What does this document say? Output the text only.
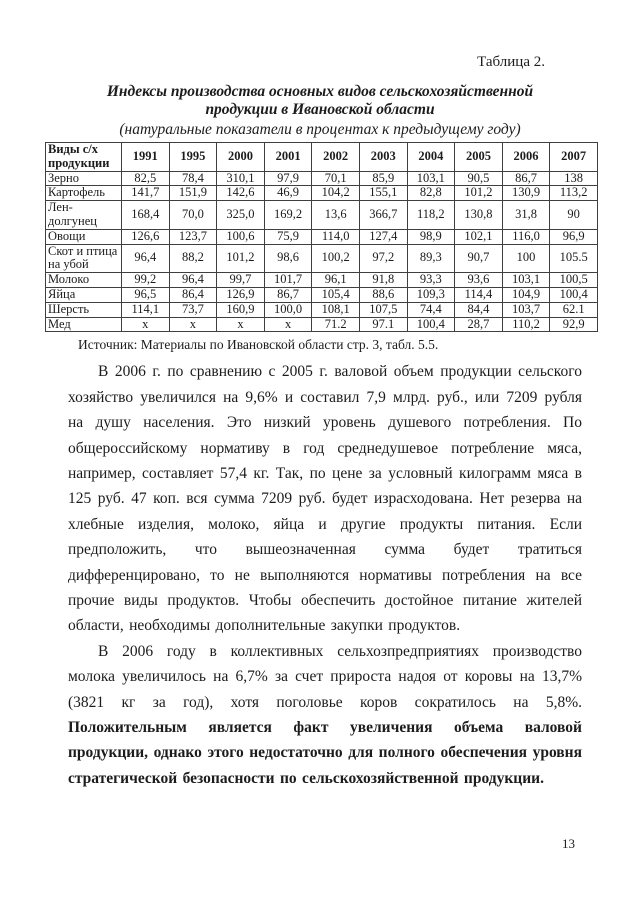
Таблица 2.
Индексы производства основных видов сельскохозяйственной
продукции в Ивановской области
(натуральные показатели в процентах к предыдущему году)
Виды с/х продукции	1991	1995	2000	2001	2002	2003	2004	2005	2006	2007
Зерно	82,5	78,4	310,1	97,9	70,1	85,9	103,1	90,5	86,7	138
Картофель	141,7	151,9	142,6	46,9	104,2	155,1	82,8	101,2	130,9	113,2
Лен-долгунец	168,4	70,0	325,0	169,2	13,6	366,7	118,2	130,8	31,8	90
Овощи	126,6	123,7	100,6	75,9	114,0	127,4	98,9	102,1	116,0	96,9
Скот и птица на убой	96,4	88,2	101,2	98,6	100,2	97,2	89,3	90,7	100	105.5
Молоко	99,2	96,4	99,7	101,7	96,1	91,8	93,3	93,6	103,1	100,5
Яйца	96,5	86,4	126,9	86,7	105,4	88,6	109,3	114,4	104,9	100,4
Шерсть	114,1	73,7	160,9	100,0	108,1	107,5	74,4	84,4	103,7	62.1
Мед	х	х	х	х	71.2	97.1	100,4	28,7	110,2	92,9
Источник: Материалы по Ивановской области стр. 3, табл. 5.5.

В 2006 г. по сравнению с 2005 г. валовой объем продукции сельского хозяйство увеличился на 9,6% и составил 7,9 млрд. руб., или 7209 рубля на душу населения. Это низкий уровень душевого потребления. По общероссийскому нормативу в год среднедушевое потребление мяса, например, составляет 57,4 кг. Так, по цене за условный килограмм мяса в 125 руб. 47 коп. вся сумма 7209 руб. будет израсходована. Нет резерва на хлебные изделия, молоко, яйца и другие продукты питания. Если предположить, что вышеозначенная сумма будет тратиться дифференцировано, то не выполняются нормативы потребления на все прочие виды продуктов. Чтобы обеспечить достойное питание жителей области, необходимы дополнительные закупки продуктов.

В 2006 году в коллективных сельхозпредприятиях производство молока увеличилось на 6,7% за счет прироста надоя от коровы на 13,7% (3821 кг за год), хотя поголовье коров сократилось на 5,8%. Положительным является факт увеличения объема валовой продукции, однако этого недостаточно для полного обеспечения уровня стратегической безопасности по сельскохозяйственной продукции.

13
